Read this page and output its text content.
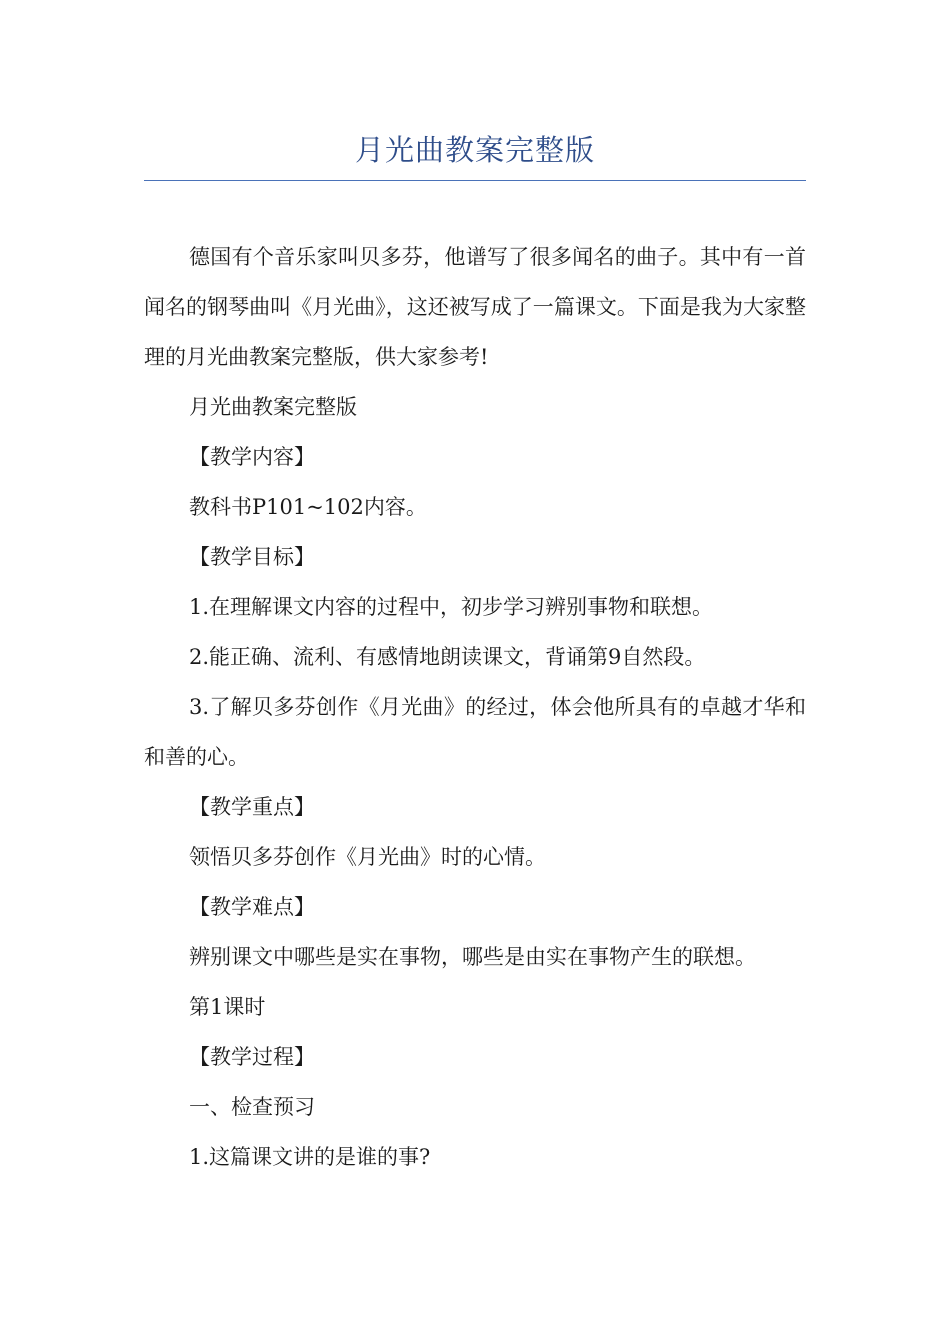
月光曲教案完整版

德国有个音乐家叫贝多芬，他谱写了很多闻名的曲子。其中有一首闻名的钢琴曲叫《月光曲》，这还被写成了一篇课文。下面是我为大家整理的月光曲教案完整版，供大家参考!

月光曲教案完整版

【教学内容】

教科书P101~102内容。

【教学目标】

1.在理解课文内容的过程中，初步学习辨别事物和联想。

2.能正确、流利、有感情地朗读课文，背诵第9自然段。

3.了解贝多芬创作《月光曲》的经过，体会他所具有的卓越才华和和善的心。

【教学重点】

领悟贝多芬创作《月光曲》时的心情。

【教学难点】

辨别课文中哪些是实在事物，哪些是由实在事物产生的联想。

第1课时

【教学过程】

一、检查预习

1.这篇课文讲的是谁的事?
